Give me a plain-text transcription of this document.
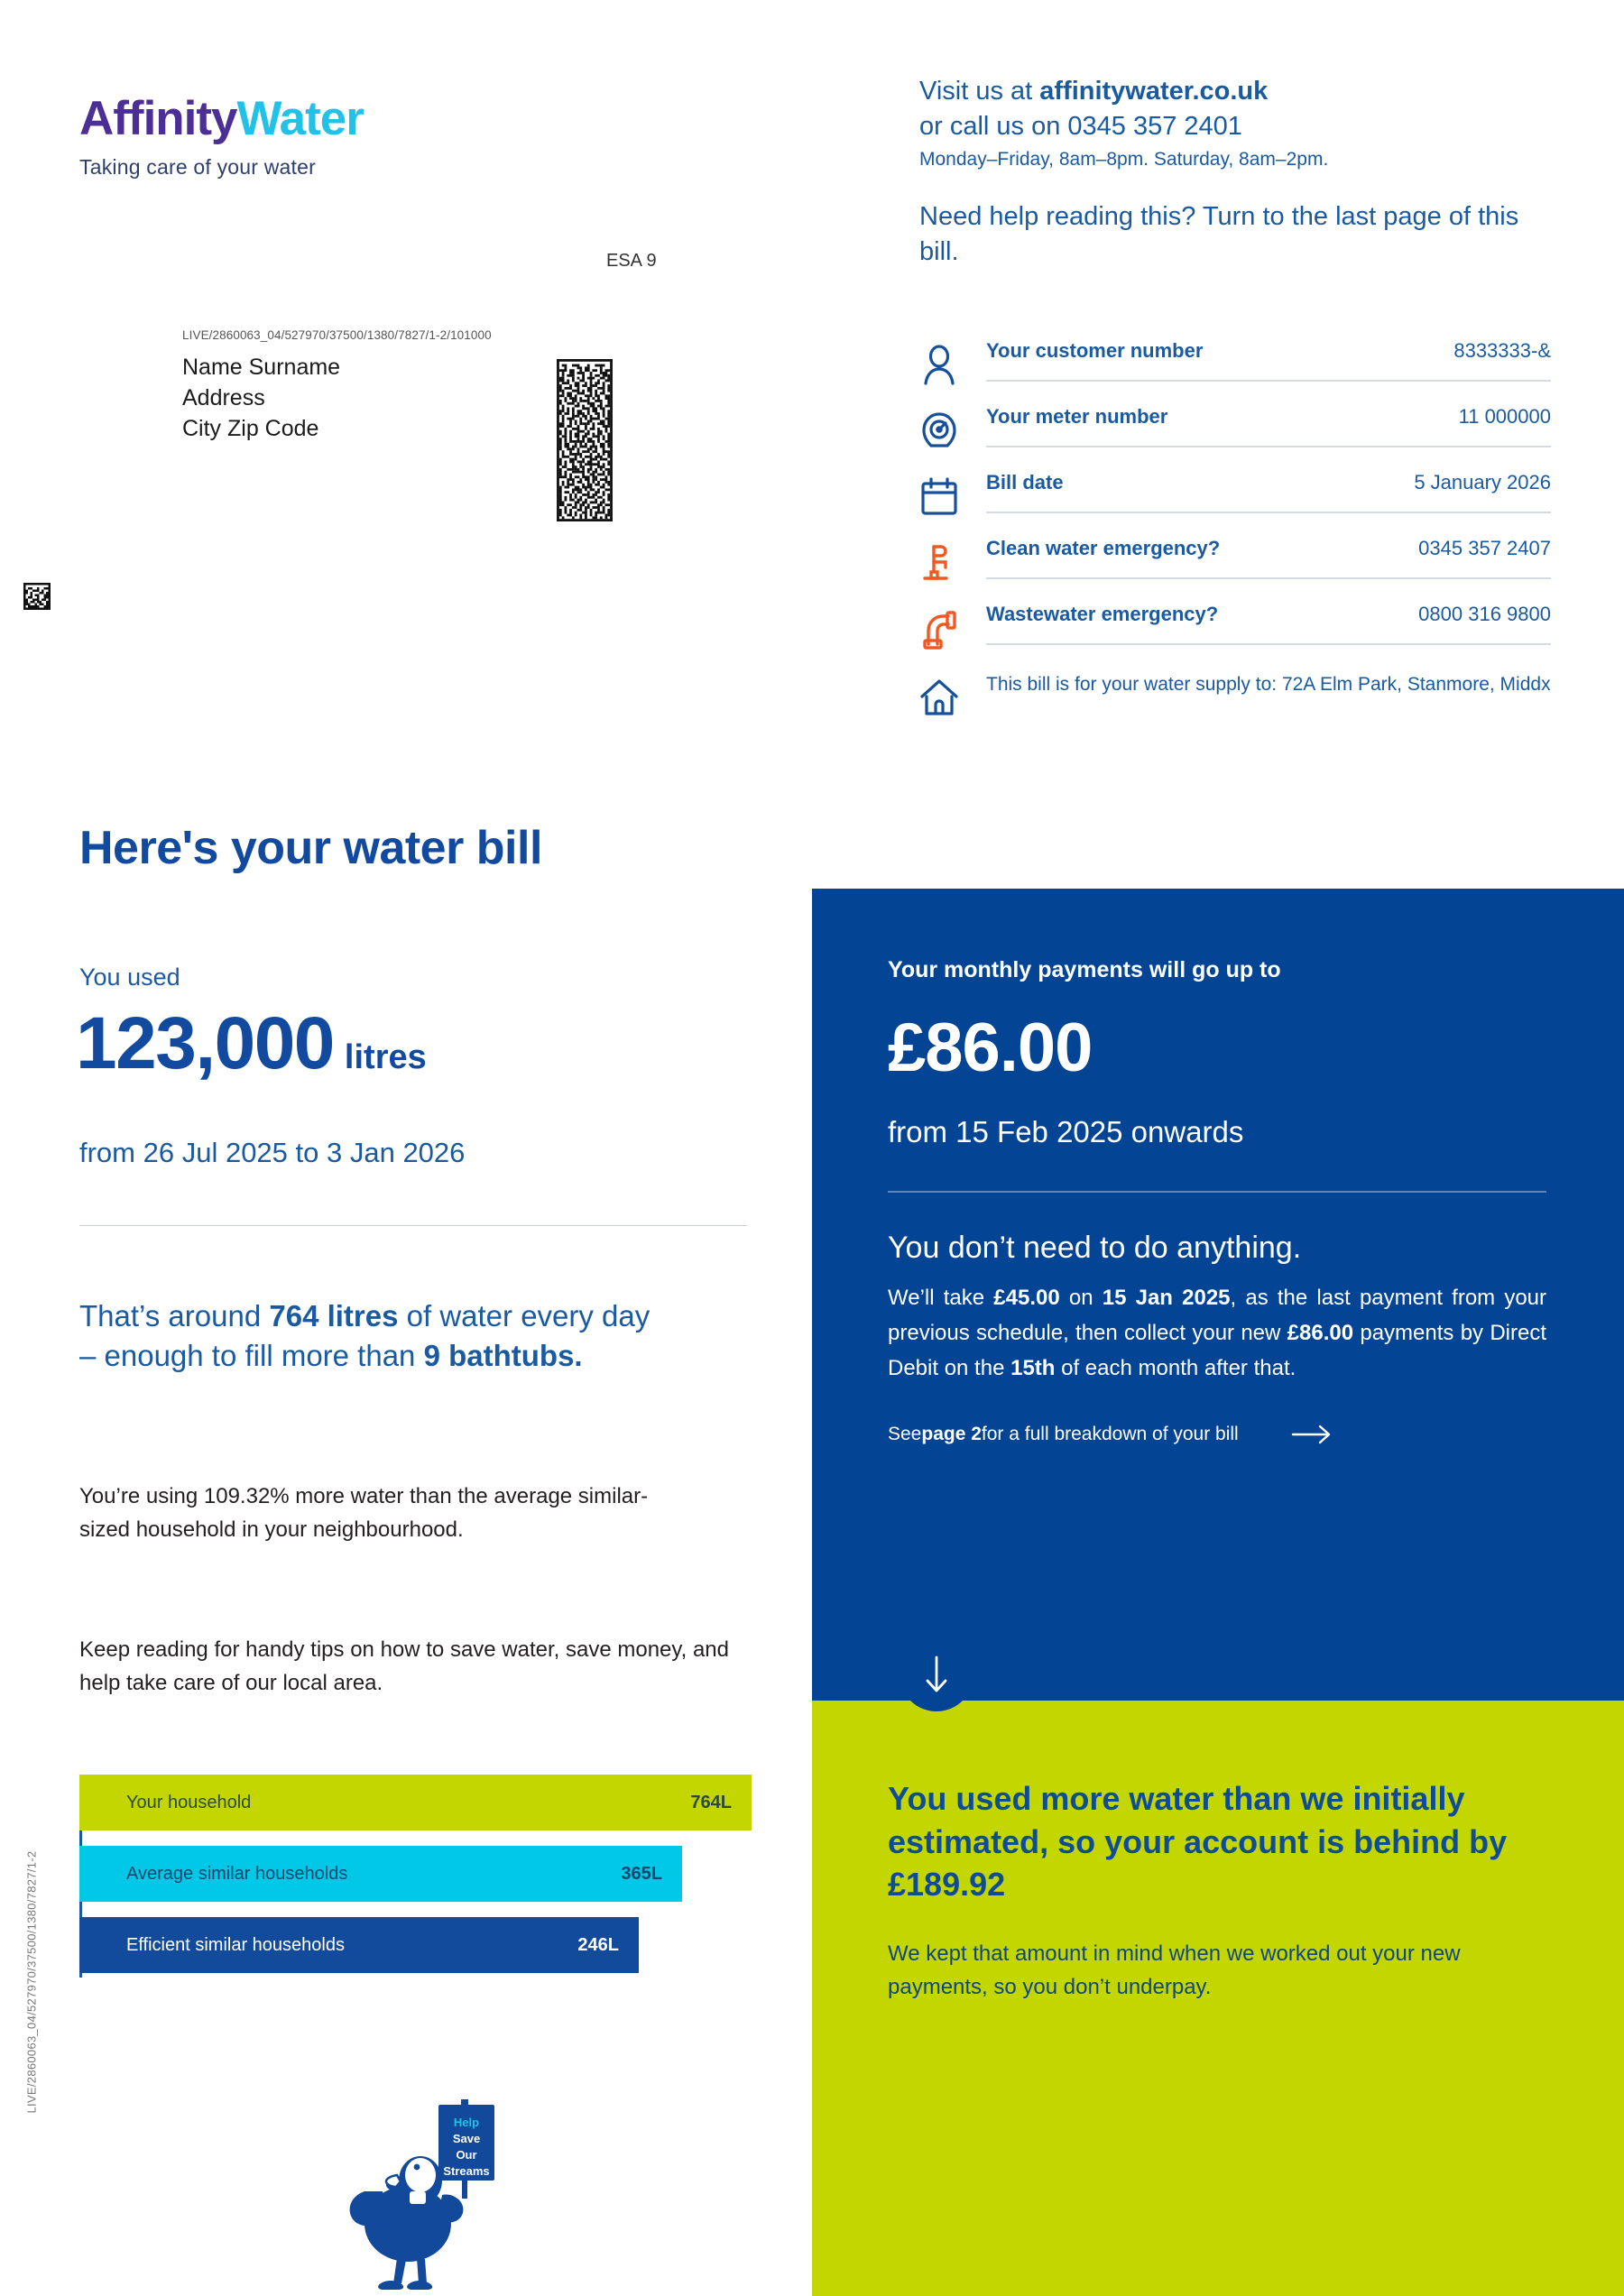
AffinityWater
Taking care of your water
ESA 9
LIVE/2860063_04/527970/37500/1380/7827/1-2/101000
Name Surname
Address
City Zip Code
LIVE/2860063_04/527970/37500/1380/7827/1-2
Visit us at affinitywater.co.uk
or call us on 0345 357 2401
Monday–Friday, 8am–8pm. Saturday, 8am–2pm.
Need help reading this? Turn to the last page of this bill.
Your customer number	8333333-&
Your meter number	11 000000
Bill date	5 January 2026
Clean water emergency?	0345 357 2407
Wastewater emergency?	0800 316 9800
This bill is for your water supply to: 72A Elm Park, Stanmore, Middx
Here's your water bill
You used
123,000 litres
from 26 Jul 2025 to 3 Jan 2026
That’s around 764 litres of water every day – enough to fill more than 9 bathtubs.
You’re using 109.32% more water than the average similar-sized household in your neighbourhood.
Keep reading for handy tips on how to save water, save money, and help take care of our local area.
Your household	764L
Average similar households	365L
Efficient similar households	246L
Help
Save
Our
Streams
Your monthly payments will go up to
£86.00
from 15 Feb 2025 onwards
You don’t need to do anything.
We’ll take £45.00 on 15 Jan 2025, as the last payment from your previous schedule, then collect your new £86.00 payments by Direct Debit on the 15th of each month after that.
See page 2 for a full breakdown of your bill
You used more water than we initially estimated, so your account is behind by £189.92
We kept that amount in mind when we worked out your new payments, so you don’t underpay.
